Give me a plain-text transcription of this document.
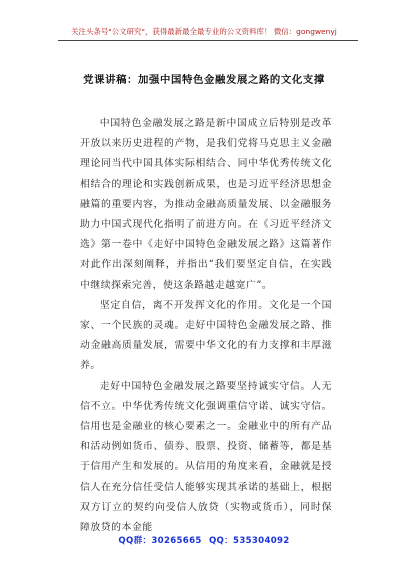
关注头条号"公文研究"，获得最新最全最专业的公文资料库！ 微信：gongwenyj
党课讲稿：加强中国特色金融发展之路的文化支撑

中国特色金融发展之路是新中国成立后特别是改革开放以来历史进程的产物，是我们党将马克思主义金融理论同当代中国具体实际相结合、同中华优秀传统文化相结合的理论和实践创新成果，也是习近平经济思想金融篇的重要内容，为推动金融高质量发展、以金融服务助力中国式现代化指明了前进方向。在《习近平经济文选》第一卷中《走好中国特色金融发展之路》这篇著作对此作出深刻阐释，并指出“我们要坚定自信，在实践中继续探索完善，使这条路越走越宽广”。

坚定自信，离不开发挥文化的作用。文化是一个国家、一个民族的灵魂。走好中国特色金融发展之路、推动金融高质量发展，需要中华文化的有力支撑和丰厚滋养。

走好中国特色金融发展之路要坚持诚实守信。人无信不立。中华优秀传统文化强调重信守诺、诚实守信。信用也是金融业的核心要素之一。金融业中的所有产品和活动例如货币、债券、股票、投资、储蓄等，都是基于信用产生和发展的。从信用的角度来看，金融就是授信人在充分信任受信人能够实现其承诺的基础上，根据双方订立的契约向受信人放贷（实物或货币），同时保障放贷的本金能

QQ群：30265665 QQ：535304092
